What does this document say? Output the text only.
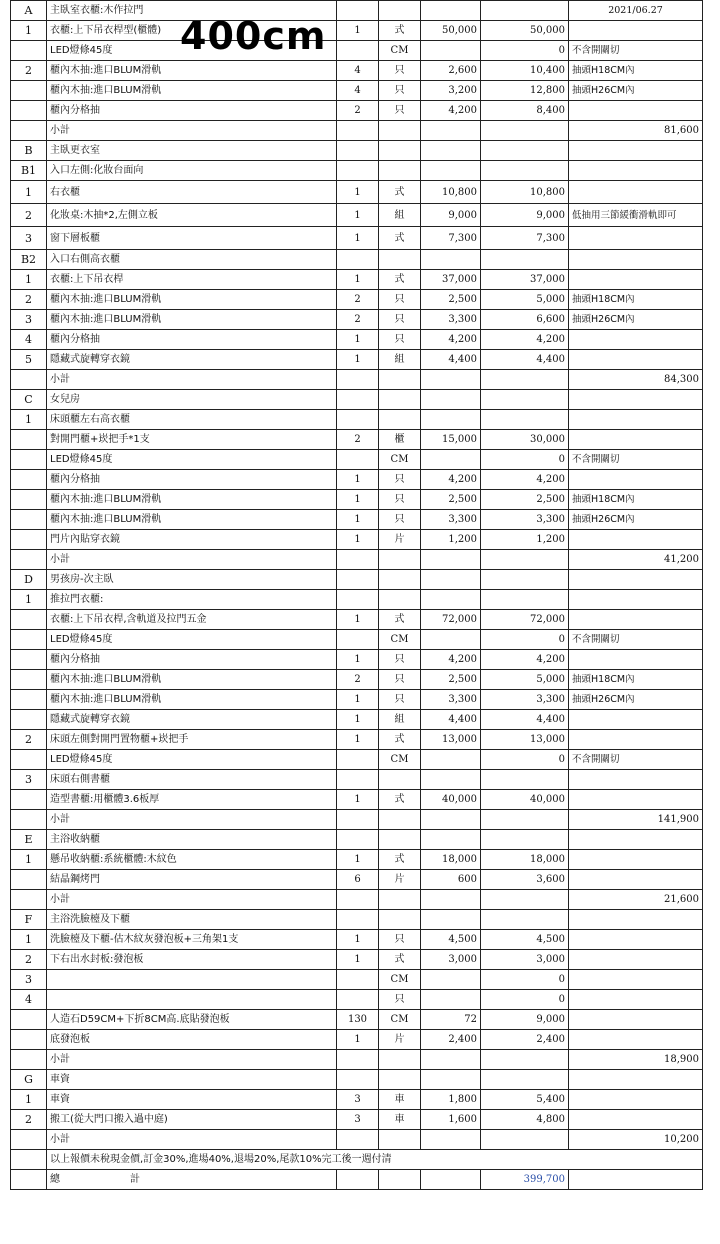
A	主臥室衣櫃:木作拉門					2021/06.27
1	衣櫃:上下吊衣桿型(櫃體)	1	式	50,000	50,000	
	LED燈條45度		CM		0	不含開關切
2	櫃內木抽:進口BLUM滑軌	4	只	2,600	10,400	抽頭H18CM內
	櫃內木抽:進口BLUM滑軌	4	只	3,200	12,800	抽頭H26CM內
	櫃內分格抽	2	只	4,200	8,400	
	小計					81,600
B	主臥更衣室					
B1	入口左側:化妝台面向					
1	右衣櫃	1	式	10,800	10,800	
2	化妝桌:木抽*2,左側立板	1	組	9,000	9,000	低抽用三節緩衝滑軌即可
3	窗下層板櫃	1	式	7,300	7,300	
B2	入口右側高衣櫃					
1	衣櫃:上下吊衣桿	1	式	37,000	37,000	
2	櫃內木抽:進口BLUM滑軌	2	只	2,500	5,000	抽頭H18CM內
3	櫃內木抽:進口BLUM滑軌	2	只	3,300	6,600	抽頭H26CM內
4	櫃內分格抽	1	只	4,200	4,200	
5	隱藏式旋轉穿衣鏡	1	組	4,400	4,400	
	小計					84,300
C	女兒房					
1	床頭櫃左右高衣櫃					
	對開門櫃+崁把手*1支	2	櫃	15,000	30,000	
	LED燈條45度		CM		0	不含開關切
	櫃內分格抽	1	只	4,200	4,200	
	櫃內木抽:進口BLUM滑軌	1	只	2,500	2,500	抽頭H18CM內
	櫃內木抽:進口BLUM滑軌	1	只	3,300	3,300	抽頭H26CM內
	門片內貼穿衣鏡	1	片	1,200	1,200	
	小計					41,200
D	男孩房-次主臥					
1	推拉門衣櫃:					
	衣櫃:上下吊衣桿,含軌道及拉門五金	1	式	72,000	72,000	
	LED燈條45度		CM		0	不含開關切
	櫃內分格抽	1	只	4,200	4,200	
	櫃內木抽:進口BLUM滑軌	2	只	2,500	5,000	抽頭H18CM內
	櫃內木抽:進口BLUM滑軌	1	只	3,300	3,300	抽頭H26CM內
	隱藏式旋轉穿衣鏡	1	組	4,400	4,400	
2	床頭左側對開門置物櫃+崁把手	1	式	13,000	13,000	
	LED燈條45度		CM		0	不含開關切
3	床頭右側書櫃					
	造型書櫃:用櫃體3.6板厚	1	式	40,000	40,000	
	小計					141,900
E	主浴收納櫃					
1	懸吊收納櫃:系統櫃體:木紋色	1	式	18,000	18,000	
	結晶鋼烤門	6	片	600	3,600	
	小計					21,600
F	主浴洗臉檯及下櫃					
1	洗臉檯及下櫃-估木紋灰發泡板+三角架1支	1	只	4,500	4,500	
2	下右出水封板:發泡板	1	式	3,000	3,000	
3			CM		0	
4			只		0	
	人造石D59CM+下折8CM高.底貼發泡板	130	CM	72	9,000	
	底發泡板	1	片	2,400	2,400	
	小計					18,900
G	車資					
1	車資	3	車	1,800	5,400	
2	搬工(從大門口搬入過中庭)	3	車	1,600	4,800	
	小計					10,200
	以上報價未稅現金價,訂金30%,進場40%,退場20%,尾款10%完工後一週付清					
	總 計				399,700	
400cm
